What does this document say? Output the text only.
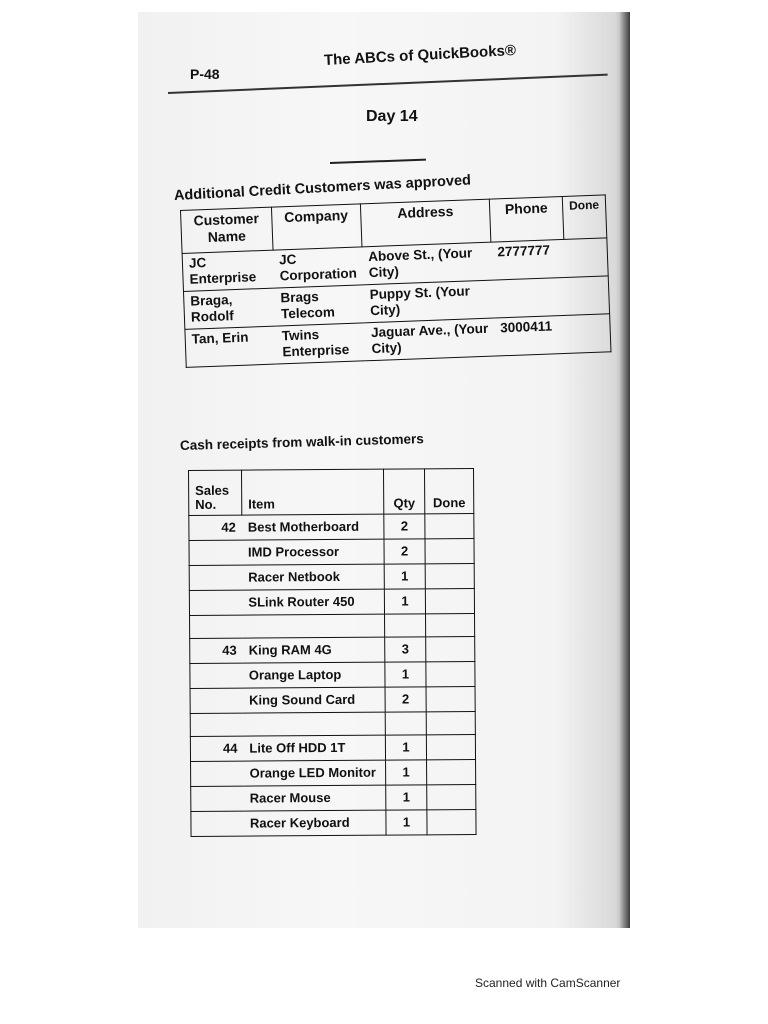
P-48
The ABCs of QuickBooks®
Day 14
Additional Credit Customers was approved
Customer Name	Company	Address	Phone	Done
JC Enterprise	JC Corporation	Above St., (Your City)	2777777	
Braga, Rodolf	Brags Telecom	Puppy St. (Your City)		
Tan, Erin	Twins Enterprise	Jaguar Ave., (Your City)	3000411	
Cash receipts from walk-in customers
Sales No.	Item	Qty	Done
42	Best Motherboard	2	
	IMD Processor	2	
	Racer Netbook	1	
	SLink Router 450	1	

43	King RAM 4G	3	
	Orange Laptop	1	
	King Sound Card	2	

44	Lite Off HDD 1T	1	
	Orange LED Monitor	1	
	Racer Mouse	1	
	Racer Keyboard	1	
Scanned with CamScanner
